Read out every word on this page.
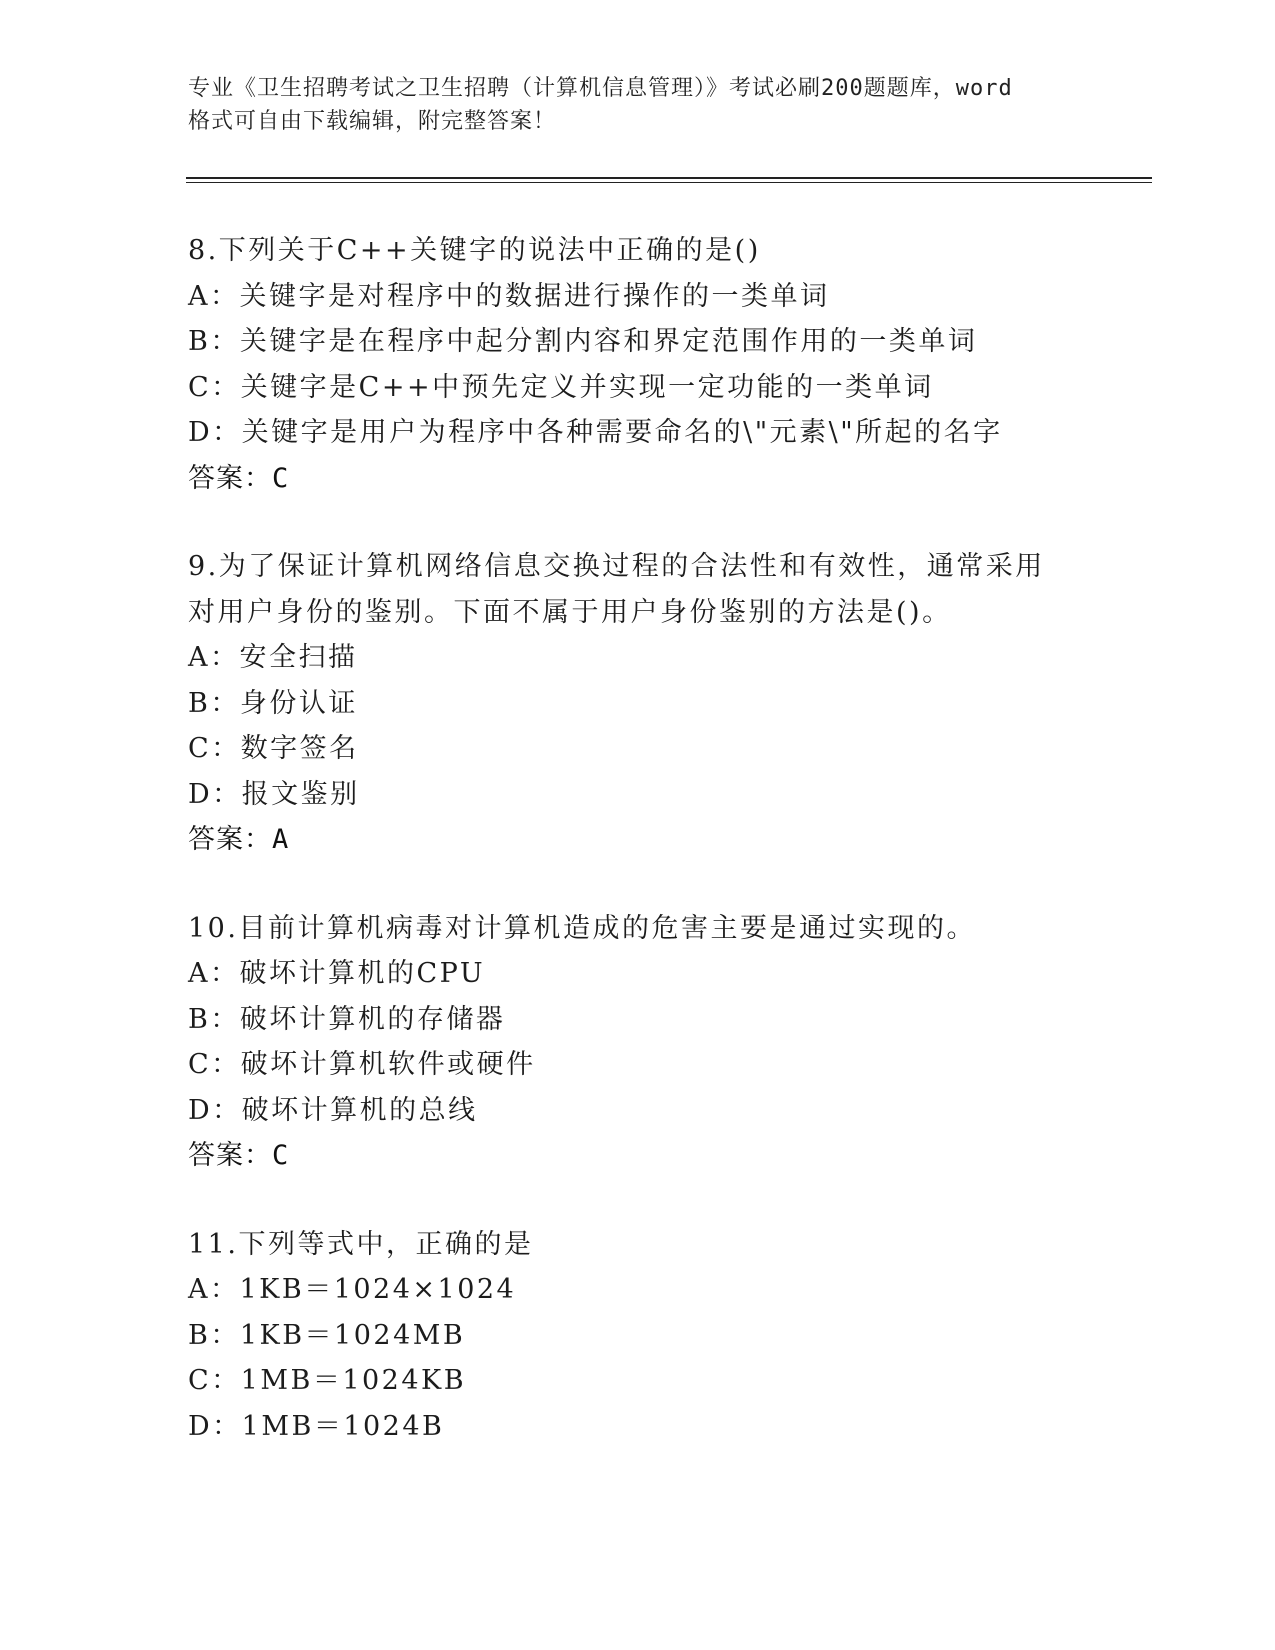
专业《卫生招聘考试之卫生招聘（计算机信息管理）》考试必刷200题题库，word
格式可自由下载编辑，附完整答案！
8.下列关于C++关键字的说法中正确的是()
A：关键字是对程序中的数据进行操作的一类单词
B：关键字是在程序中起分割内容和界定范围作用的一类单词
C：关键字是C++中预先定义并实现一定功能的一类单词
D：关键字是用户为程序中各种需要命名的\"元素\"所起的名字
答案：C
9.为了保证计算机网络信息交换过程的合法性和有效性，通常采用对用户身份的鉴别。下面不属于用户身份鉴别的方法是()。
A：安全扫描
B：身份认证
C：数字签名
D：报文鉴别
答案：A
10.目前计算机病毒对计算机造成的危害主要是通过实现的。
A：破坏计算机的CPU
B：破坏计算机的存储器
C：破坏计算机软件或硬件
D：破坏计算机的总线
答案：C
11.下列等式中，正确的是
A：1KB＝1024×1024
B：1KB＝1024MB
C：1MB＝1024KB
D：1MB＝1024B
